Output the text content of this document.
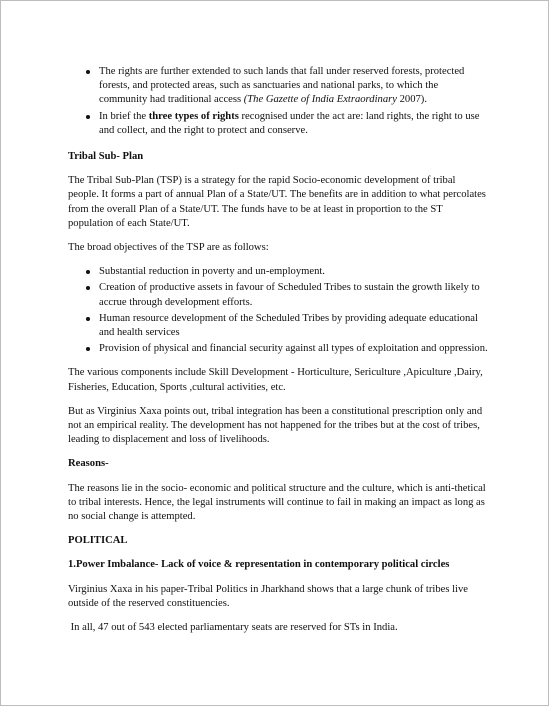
The rights are further extended to such lands that fall under reserved forests, protected forests, and protected areas, such as sanctuaries and national parks, to which the community had traditional access (The Gazette of India Extraordinary 2007).
In brief the three types of rights recognised under the act are: land rights, the right to use and collect, and the right to protect and conserve.
Tribal Sub- Plan

The Tribal Sub-Plan (TSP) is a strategy for the rapid Socio-economic development of tribal people. It forms a part of annual Plan of a State/UT. The benefits are in addition to what percolates from the overall Plan of a State/UT. The funds have to be at least in proportion to the ST population of each State/UT.

The broad objectives of the TSP are as follows:

Substantial reduction in poverty and un-employment.
Creation of productive assets in favour of Scheduled Tribes to sustain the growth likely to accrue through development efforts.
Human resource development of the Scheduled Tribes by providing adequate educational and health services
Provision of physical and financial security against all types of exploitation and oppression.

The various components include Skill Development - Horticulture, Sericulture ,Apiculture ,Dairy, Fisheries, Education, Sports ,cultural activities, etc.

But as Virginius Xaxa points out, tribal integration has been a constitutional prescription only and not an empirical reality. The development has not happened for the tribes but at the cost of tribes, leading to displacement and loss of livelihoods.

Reasons-

The reasons lie in the socio- economic and political structure and the culture, which is anti-thetical to tribal interests. Hence, the legal instruments will continue to fail in making an impact as long as no social change is attempted.

POLITICAL
1.Power Imbalance- Lack of voice & representation in contemporary political circles

Virginius Xaxa in his paper-Tribal Politics in Jharkhand shows that a large chunk of tribes live outside of the reserved constituencies.

In all, 47 out of 543 elected parliamentary seats are reserved for STs in India.
